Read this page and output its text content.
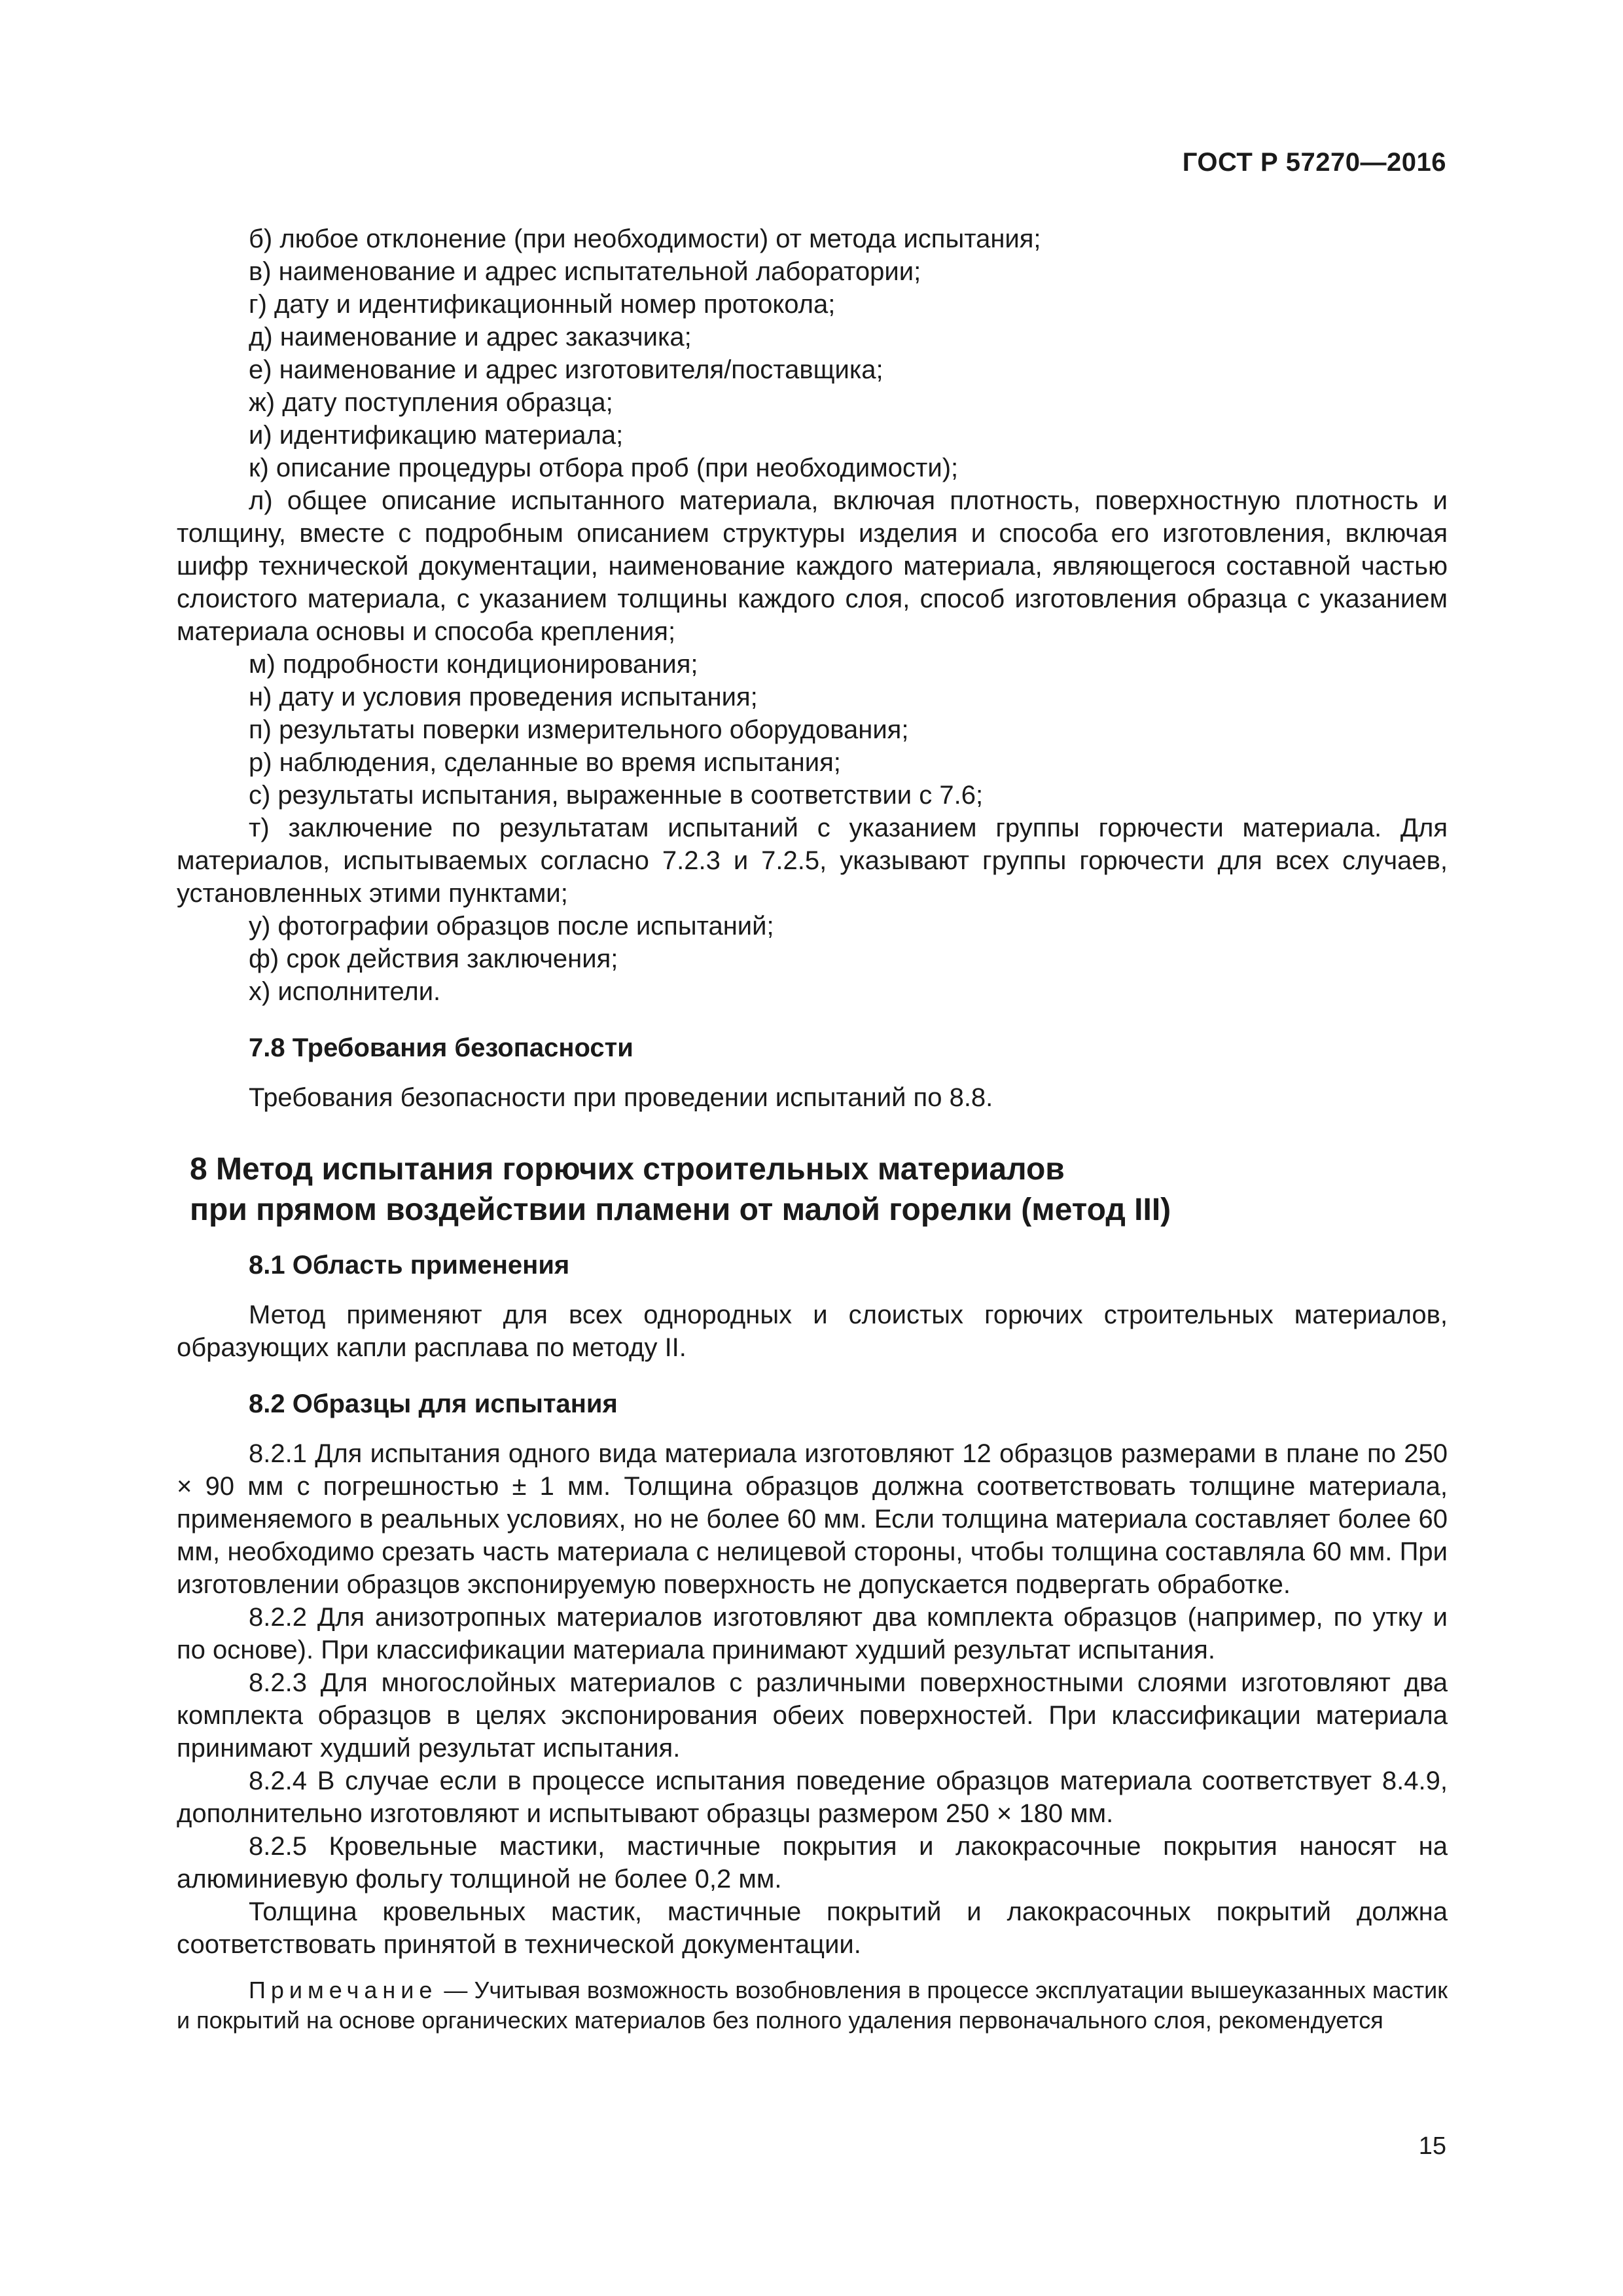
ГОСТ Р 57270—2016

б) любое отклонение (при необходимости) от метода испытания;

в) наименование и адрес испытательной лаборатории;

г) дату и идентификационный номер протокола;

д) наименование и адрес заказчика;

е) наименование и адрес изготовителя/поставщика;

ж) дату поступления образца;

и) идентификацию материала;

к) описание процедуры отбора проб (при необходимости);

л) общее описание испытанного материала, включая плотность, поверхностную плотность и толщину, вместе с подробным описанием структуры изделия и способа его изготовления, включая шифр технической документации, наименование каждого материала, являющегося составной частью слоистого материала, с указанием толщины каждого слоя, способ изготовления образца с указанием материала основы и способа крепления;

м) подробности кондиционирования;

н) дату и условия проведения испытания;

п) результаты поверки измерительного оборудования;

р) наблюдения, сделанные во время испытания;

с) результаты испытания, выраженные в соответствии с 7.6;

т) заключение по результатам испытаний с указанием группы горючести материала. Для материалов, испытываемых согласно 7.2.3 и 7.2.5, указывают группы горючести для всех случаев, установленных этими пунктами;

у) фотографии образцов после испытаний;

ф) срок действия заключения;

х) исполнители.

7.8 Требования безопасности

Требования безопасности при проведении испытаний по 8.8.

8 Метод испытания горючих строительных материалов
при прямом воздействии пламени от малой горелки (метод III)

8.1 Область применения

Метод применяют для всех однородных и слоистых горючих строительных материалов, образующих капли расплава по методу II.

8.2 Образцы для испытания

8.2.1 Для испытания одного вида материала изготовляют 12 образцов размерами в плане по 250 × 90 мм с погрешностью ± 1 мм. Толщина образцов должна соответствовать толщине материала, применяемого в реальных условиях, но не более 60 мм. Если толщина материала составляет более 60 мм, необходимо срезать часть материала с нелицевой стороны, чтобы толщина составляла 60 мм. При изготовлении образцов экспонируемую поверхность не допускается подвергать обработке.

8.2.2 Для анизотропных материалов изготовляют два комплекта образцов (например, по утку и по основе). При классификации материала принимают худший результат испытания.

8.2.3 Для многослойных материалов с различными поверхностными слоями изготовляют два комплекта образцов в целях экспонирования обеих поверхностей. При классификации материала принимают худший результат испытания.

8.2.4 В случае если в процессе испытания поведение образцов материала соответствует 8.4.9, дополнительно изготовляют и испытывают образцы размером 250 × 180 мм.

8.2.5 Кровельные мастики, мастичные покрытия и лакокрасочные покрытия наносят на алюминиевую фольгу толщиной не более 0,2 мм.

Толщина кровельных мастик, мастичные покрытий и лакокрасочных покрытий должна соответствовать принятой в технической документации.

Примечание — Учитывая возможность возобновления в процессе эксплуатации вышеуказанных мастик и покрытий на основе органических материалов без полного удаления первоначального слоя, рекомендуется

15
